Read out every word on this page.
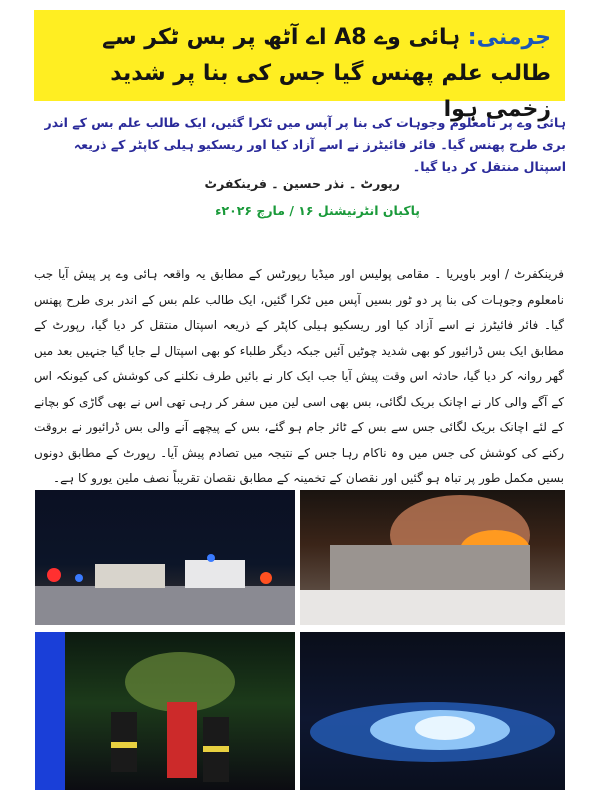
جرمنی: ہائی وے A8 اے آٹھ پر بس ٹکر سے طالب علم پھنس گیا جس کی بنا پر شدید زخمی ہوا

ہائی وے پر نامعلوم وجوہات کی بنا پر آپس میں ٹکرا گئیں، ایک طالب علم بس کے اندر بری طرح پھنس گیا۔ فائر فائیٹرز نے اسے آزاد کیا اور ریسکیو ہیلی کاپٹر کے ذریعہ اسپتال منتقل کر دیا گیا۔

رپورٹ ۔ نذر حسین ۔ فرینکفرٹ
پاکبان انٹرنیشنل ۱۶ / مارچ ۲۰۲۶ء

فرینکفرٹ / اوبر باویریا ۔ مقامی پولیس اور میڈیا رپورٹس کے مطابق یہ واقعہ ہائی وے پر پیش آیا جب نامعلوم وجوہات کی بنا پر دو ٹور بسیں آپس میں ٹکرا گئیں، ایک طالب علم بس کے اندر بری طرح پھنس گیا۔ فائر فائیٹرز نے اسے آزاد کیا اور ریسکیو ہیلی کاپٹر کے ذریعہ اسپتال منتقل کر دیا گیا، رپورٹ کے مطابق ایک بس ڈرائیور کو بھی شدید چوٹیں آئیں جبکہ دیگر طلباء کو بھی اسپتال لے جایا گیا جنہیں بعد میں گھر روانہ کر دیا گیا، حادثہ اس وقت پیش آیا جب ایک کار نے بائیں طرف نکلنے کی کوشش کی کیونکہ اس کے آگے والی کار نے اچانک بریک لگائی، بس بھی اسی لین میں سفر کر رہی تھی اس نے بھی گاڑی کو بچانے کے لئے اچانک بریک لگائی جس سے بس کے ٹائر جام ہو گئے، بس کے پیچھے آنے والی بس ڈرائیور نے بروقت رکنے کی کوشش کی جس میں وہ ناکام رہا جس کے نتیجہ میں تصادم پیش آیا۔ رپورٹ کے مطابق دونوں بسیں مکمل طور پر تباہ ہو گئیں اور نقصان کے تخمینہ کے مطابق نقصان تقریباً نصف ملین یورو کا ہے۔
